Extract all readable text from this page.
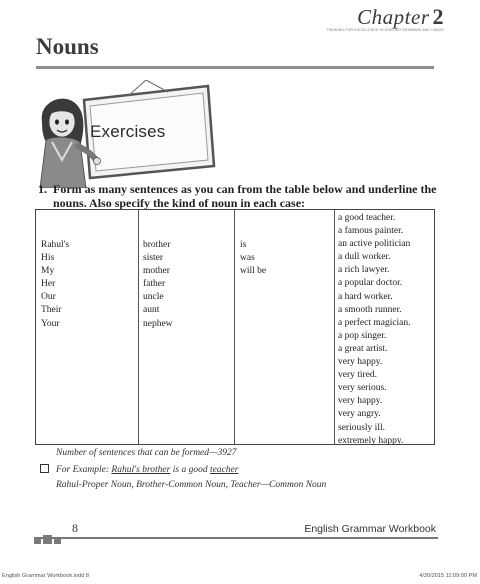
Chapter 2
TRAINING FOR EXCELLENCE IN ENGLISH GRAMMAR AND USAGE
Nouns
Exercises
1. Form as many sentences as you can from the table below and underline the nouns. Also specify the kind of noun in each case:
Rahul's
His
My
Her
Our
Their
Your
brother
sister
mother
father
uncle
aunt
nephew
is
was
will be
a good teacher.
a famous painter.
an active politician
a dull worker.
a rich lawyer.
a popular doctor.
a hard worker.
a smooth runner.
a perfect magician.
a pop singer.
a great artist.
very happy.
very tired.
very serious.
very happy.
very angry.
seriously ill.
extremely happy.
Number of sentences that can be formed—3927
For Example: Rahul's brother is a good teacher
Rahul-Proper Noun, Brother-Common Noun, Teacher—Common Noun
8	English Grammar Workbook
English Grammar Workbook.indd 8	4/30/2015 11:09:00 PM
